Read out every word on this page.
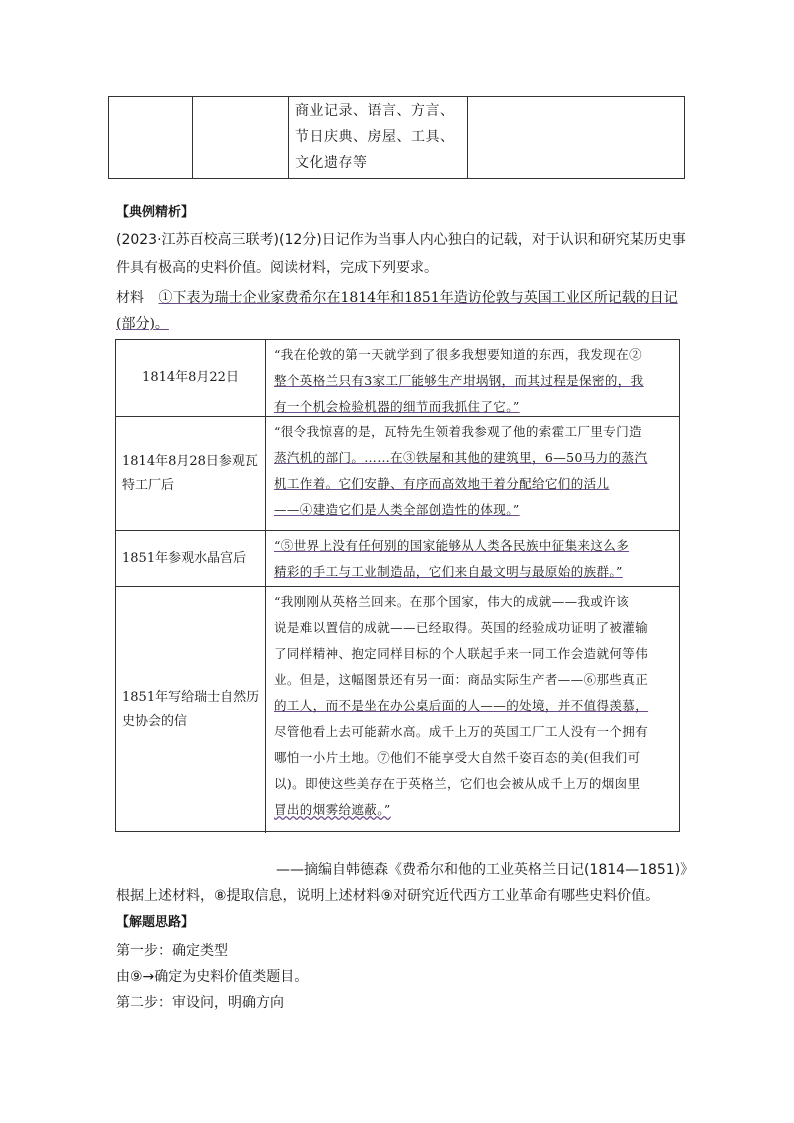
商业记录、语言、方言、节日庆典、房屋、工具、文化遗存等
【典例精析】
(2023·江苏百校高三联考)(12分)日记作为当事人内心独白的记载，对于认识和研究某历史事
件具有极高的史料价值。阅读材料，完成下列要求。
材料 ①下表为瑞士企业家费希尔在1814年和1851年造访伦敦与英国工业区所记载的日记
(部分)。
1814年8月22日
“我在伦敦的第一天就学到了很多我想要知道的东西，我发现在②
整个英格兰只有3家工厂能够生产坩埚钢，而其过程是保密的，我
有一个机会检验机器的细节而我抓住了它。”
1814年8月28日参观瓦特工厂后
“很令我惊喜的是，瓦特先生领着我参观了他的索霍工厂里专门造
蒸汽机的部门。……在③铁屋和其他的建筑里，6—50马力的蒸汽
机工作着。它们安静、有序而高效地干着分配给它们的活儿
——④建造它们是人类全部创造性的体现。”
1851年参观水晶宫后
“⑤世界上没有任何别的国家能够从人类各民族中征集来这么多
精彩的手工与工业制造品，它们来自最文明与最原始的族群。”
1851年写给瑞士自然历史协会的信
“我刚刚从英格兰回来。在那个国家，伟大的成就——我或许该
说是难以置信的成就——已经取得。英国的经验成功证明了被灌输
了同样精神、抱定同样目标的个人联起手来一同工作会造就何等伟
业。但是，这幅图景还有另一面：商品实际生产者——⑥那些真正
的工人，而不是坐在办公桌后面的人——的处境，并不值得羡慕，
尽管他看上去可能薪水高。成千上万的英国工厂工人没有一个拥有
哪怕一小片土地。⑦他们不能享受大自然千姿百态的美(但我们可
以)。即使这些美存在于英格兰，它们也会被从成千上万的烟囱里
冒出的烟雾给遮蔽。”
——摘编自韩德森《费希尔和他的工业英格兰日记(1814—1851)》
根据上述材料，⑧提取信息，说明上述材料⑨对研究近代西方工业革命有哪些史料价值。
【解题思路】
第一步：确定类型
由⑨→确定为史料价值类题目。
第二步：审设问，明确方向
